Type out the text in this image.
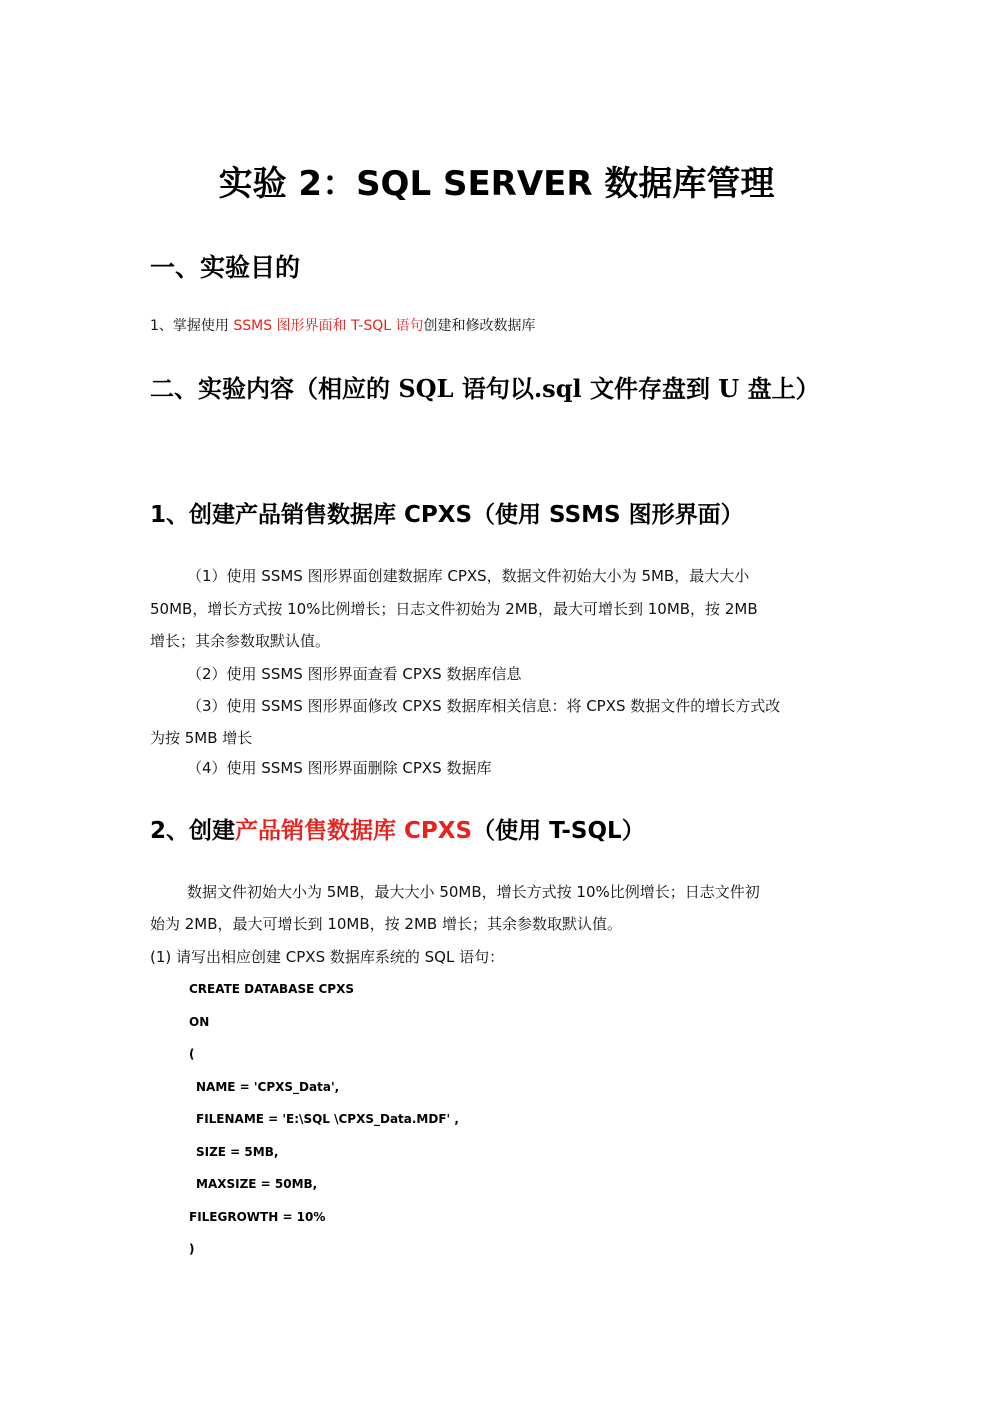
实验 2：SQL SERVER 数据库管理
一、实验目的
1、掌握使用 SSMS 图形界面和 T-SQL 语句创建和修改数据库
二、实验内容（相应的 SQL 语句以.sql 文件存盘到 U 盘上）
1、创建产品销售数据库 CPXS（使用 SSMS 图形界面）
（1）使用 SSMS 图形界面创建数据库 CPXS，数据文件初始大小为 5MB，最大大小
50MB，增长方式按 10%比例增长；日志文件初始为 2MB，最大可增长到 10MB，按 2MB
增长；其余参数取默认值。
（2）使用 SSMS 图形界面查看 CPXS 数据库信息
（3）使用 SSMS 图形界面修改 CPXS 数据库相关信息：将 CPXS 数据文件的增长方式改
为按 5MB 增长
（4）使用 SSMS 图形界面删除 CPXS 数据库
2、创建产品销售数据库 CPXS（使用 T-SQL）
数据文件初始大小为 5MB，最大大小 50MB，增长方式按 10%比例增长；日志文件初
始为 2MB，最大可增长到 10MB，按 2MB 增长；其余参数取默认值。
(1) 请写出相应创建 CPXS 数据库系统的 SQL 语句：
CREATE DATABASE CPXS
ON
(
NAME = 'CPXS_Data',
FILENAME = 'E:\SQL \CPXS_Data.MDF' ,
SIZE = 5MB,
MAXSIZE = 50MB,
FILEGROWTH = 10%
)
